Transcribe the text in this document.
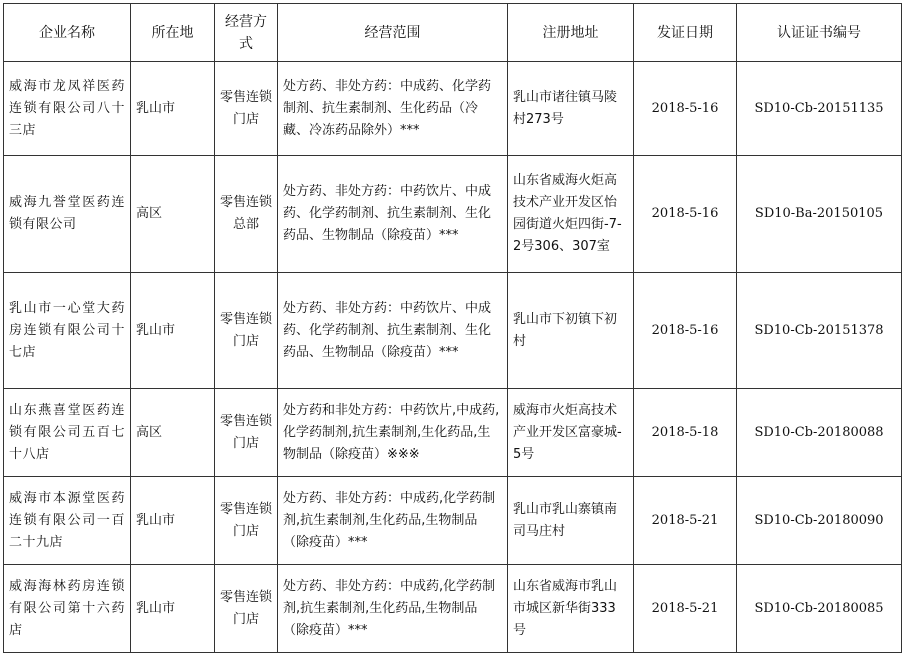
企业名称	所在地	经营方式	经营范围	注册地址	发证日期	认证证书编号
威海市龙凤祥医药连锁有限公司八十三店	乳山市	零售连锁门店	处方药、非处方药：中成药、化学药制剂、抗生素制剂、生化药品（冷藏、冷冻药品除外）***	乳山市诸往镇马陵村273号	2018-5-16	SD10-Cb-20151135
威海九誉堂医药连锁有限公司	高区	零售连锁总部	处方药、非处方药：中药饮片、中成药、化学药制剂、抗生素制剂、生化药品、生物制品（除疫苗）***	山东省威海火炬高技术产业开发区怡园街道火炬四街-7-2号306、307室	2018-5-16	SD10-Ba-20150105
乳山市一心堂大药房连锁有限公司十七店	乳山市	零售连锁门店	处方药、非处方药：中药饮片、中成药、化学药制剂、抗生素制剂、生化药品、生物制品（除疫苗）***	乳山市下初镇下初村	2018-5-16	SD10-Cb-20151378
山东燕喜堂医药连锁有限公司五百七十八店	高区	零售连锁门店	处方药和非处方药：中药饮片,中成药,化学药制剂,抗生素制剂,生化药品,生物制品（除疫苗）※※※	威海市火炬高技术产业开发区富豪城-5号	2018-5-18	SD10-Cb-20180088
威海市本源堂医药连锁有限公司一百二十九店	乳山市	零售连锁门店	处方药、非处方药：中成药,化学药制剂,抗生素制剂,生化药品,生物制品（除疫苗）***	乳山市乳山寨镇南司马庄村	2018-5-21	SD10-Cb-20180090
威海海林药房连锁有限公司第十六药店	乳山市	零售连锁门店	处方药、非处方药：中成药,化学药制剂,抗生素制剂,生化药品,生物制品（除疫苗）***	山东省威海市乳山市城区新华街333号	2018-5-21	SD10-Cb-20180085
